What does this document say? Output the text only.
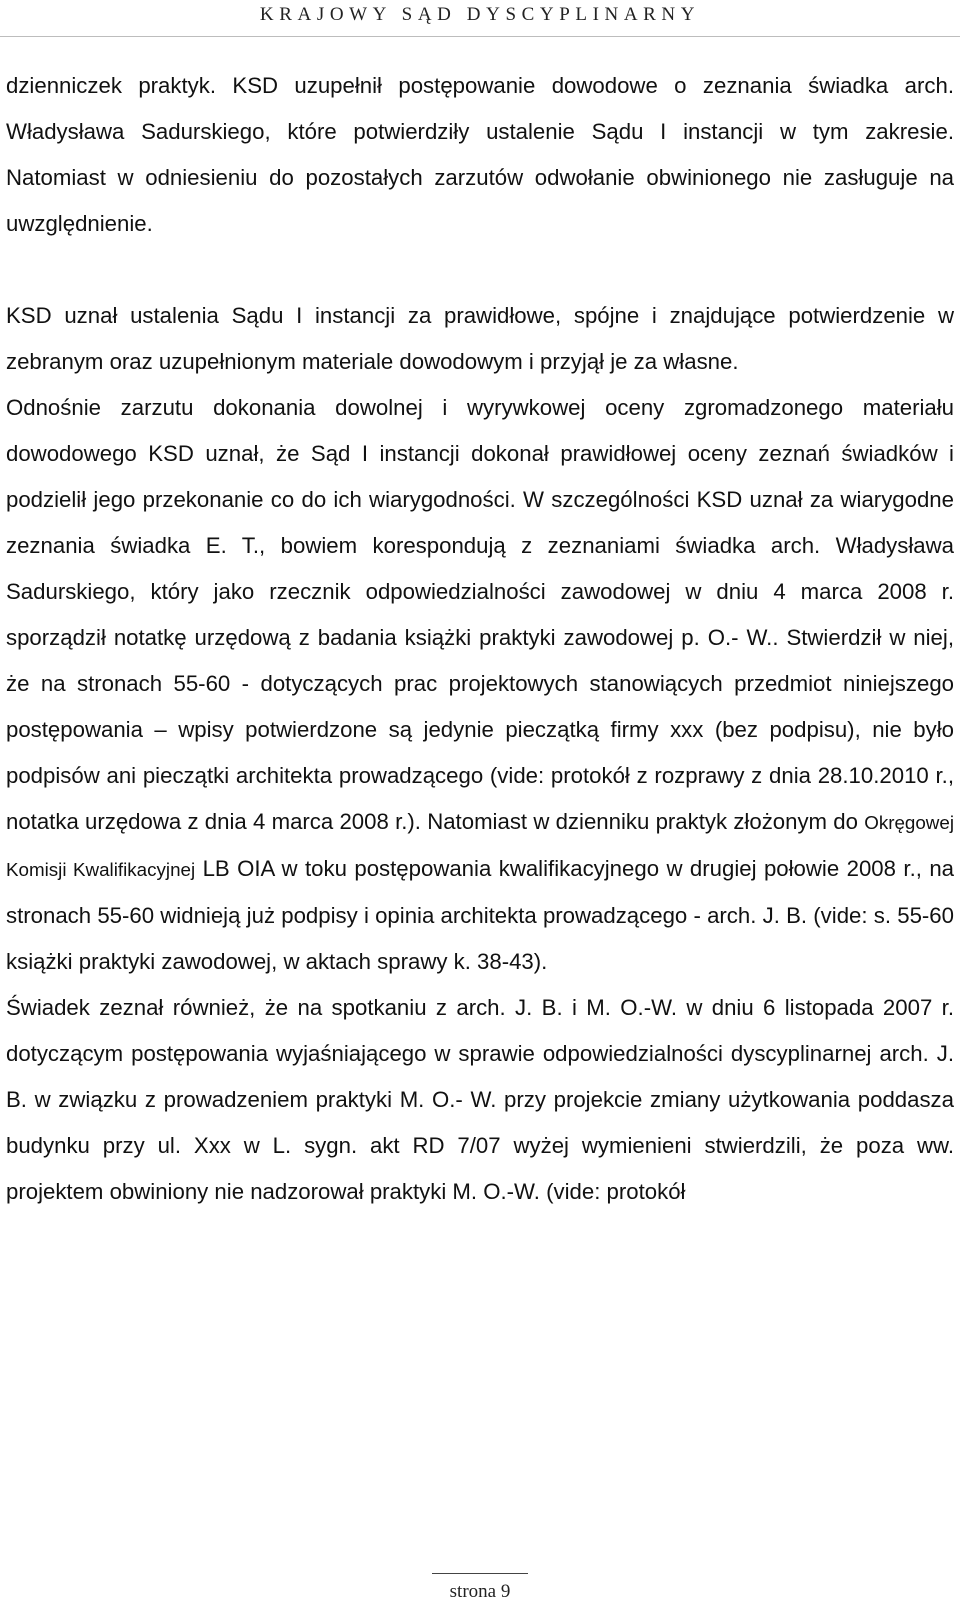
KRAJOWY SĄD DYSCYPLINARNY

dzienniczek praktyk. KSD uzupełnił postępowanie dowodowe o zeznania świadka arch. Władysława Sadurskiego, które potwierdziły ustalenie Sądu I instancji w tym zakresie. Natomiast w odniesieniu do pozostałych zarzutów odwołanie obwinionego nie zasługuje na uwzględnienie.

KSD uznał ustalenia Sądu I instancji za prawidłowe, spójne i znajdujące potwierdzenie w zebranym oraz uzupełnionym materiale dowodowym i przyjął je za własne.

Odnośnie zarzutu dokonania dowolnej i wyrywkowej oceny zgromadzonego materiału dowodowego KSD uznał, że Sąd I instancji dokonał prawidłowej oceny zeznań świadków i podzielił jego przekonanie co do ich wiarygodności. W szczególności KSD uznał za wiarygodne zeznania świadka E. T., bowiem korespondują z zeznaniami świadka arch. Władysława Sadurskiego, który jako rzecznik odpowiedzialności zawodowej w dniu 4 marca 2008 r. sporządził notatkę urzędową z badania książki praktyki zawodowej p. O.- W.. Stwierdził w niej, że na stronach 55-60 - dotyczących prac projektowych stanowiących przedmiot niniejszego postępowania – wpisy potwierdzone są jedynie pieczątką firmy xxx (bez podpisu), nie było podpisów ani pieczątki architekta prowadzącego (vide: protokół z rozprawy z dnia 28.10.2010 r., notatka urzędowa z dnia 4 marca 2008 r.). Natomiast w dzienniku praktyk złożonym do Okręgowej Komisji Kwalifikacyjnej LB OIA w toku postępowania kwalifikacyjnego w drugiej połowie 2008 r., na stronach 55-60 widnieją już podpisy i opinia architekta prowadzącego - arch. J. B. (vide: s. 55-60 książki praktyki zawodowej, w aktach sprawy k. 38-43).

Świadek zeznał również, że na spotkaniu z arch. J. B. i M. O.-W. w dniu 6 listopada 2007 r. dotyczącym postępowania wyjaśniającego w sprawie odpowiedzialności dyscyplinarnej arch. J. B. w związku z prowadzeniem praktyki M. O.- W. przy projekcie zmiany użytkowania poddasza budynku przy ul. Xxx w L. sygn. akt RD 7/07 wyżej wymienieni stwierdzili, że poza ww. projektem obwiniony nie nadzorował praktyki M. O.-W. (vide: protokół

strona 9
